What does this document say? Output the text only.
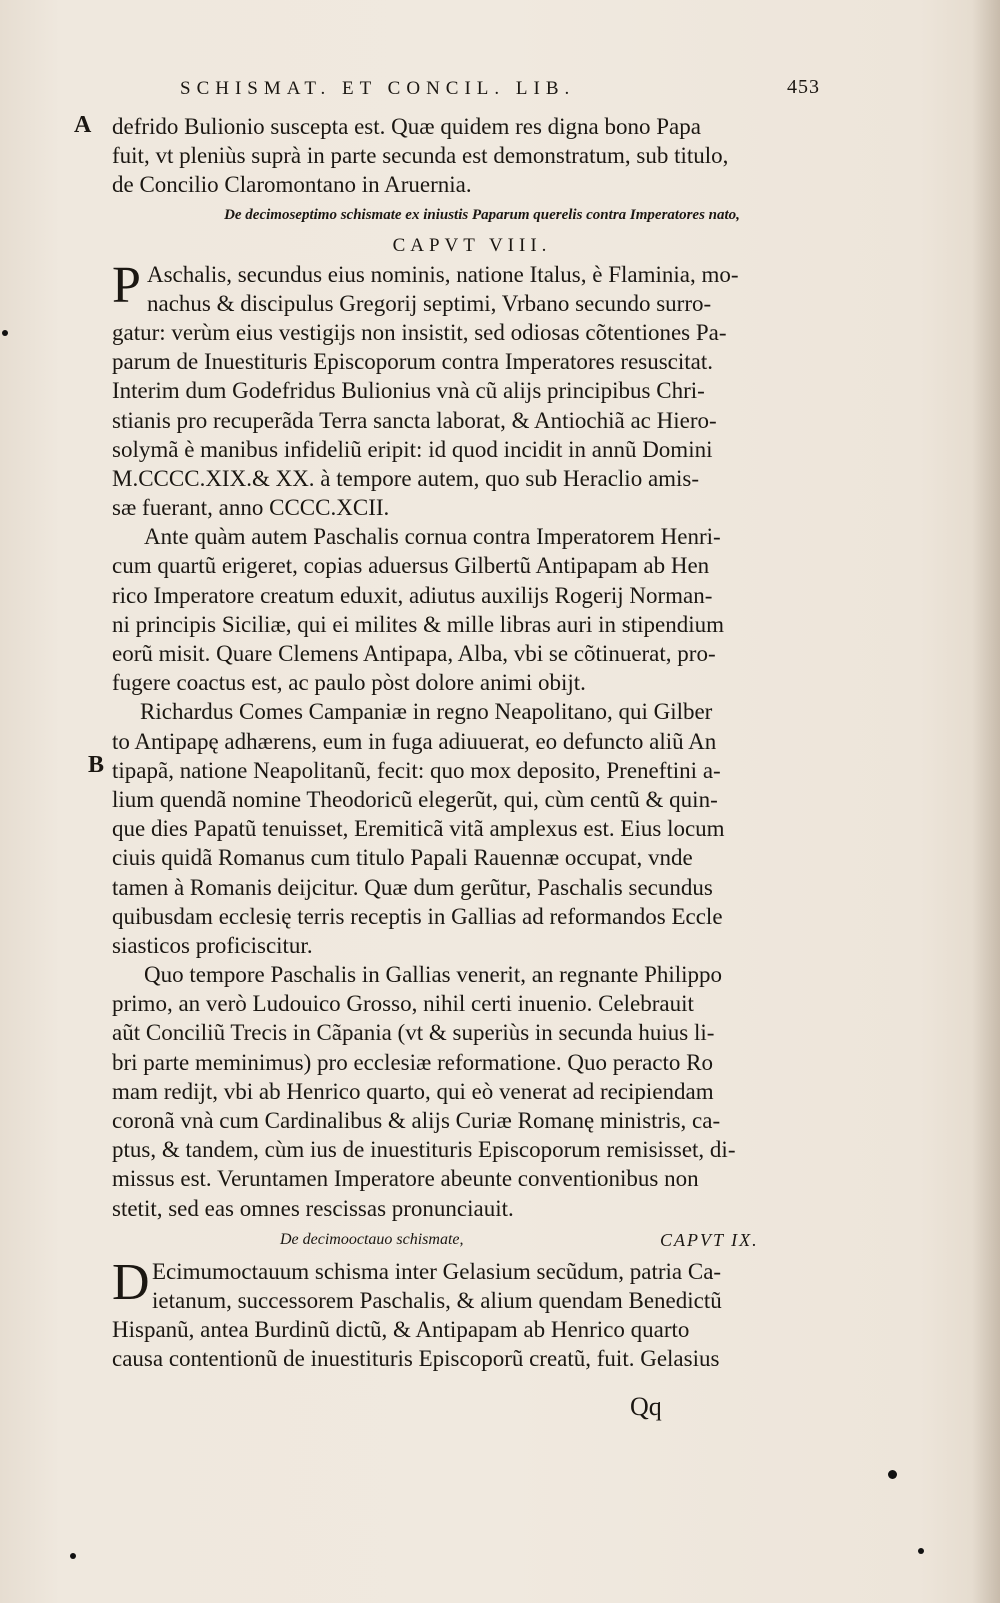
SCHISMAT. ET CONCIL. LIB.	453
A
B
defrido Bulionio suscepta est. Quæ quidem res digna bono Papa
fuit, vt pleniùs suprà in parte secunda est demonstratum, sub titulo,
de Concilio Claromontano in Aruernia.
De decimoseptimo schismate ex iniustis Paparum querelis contra Imperatores nato,
CAPVT VIII.
P Aschalis, secundus eius nominis, natione Italus, è Flaminia, mo-
nachus & discipulus Gregorij septimi, Vrbano secundo surro-
gatur: verùm eius vestigijs non insistit, sed odiosas cõtentiones Pa-
parum de Inuestituris Episcoporum contra Imperatores resuscitat.
Interim dum Godefridus Bulionius vnà cũ alijs principibus Chri-
stianis pro recuperãda Terra sancta laborat, & Antiochiã ac Hiero-
solymã è manibus infideliũ eripit: id quod incidit in annũ Domini
M.CCCC.XIX.& XX. à tempore autem, quo sub Heraclio amis-
sæ fuerant, anno CCCC.XCII.
Ante quàm autem Paschalis cornua contra Imperatorem Henri-
cum quartũ erigeret, copias aduersus Gilbertũ Antipapam ab Hen
rico Imperatore creatum eduxit, adiutus auxilijs Rogerij Norman-
ni principis Siciliæ, qui ei milites & mille libras auri in stipendium
eorũ misit. Quare Clemens Antipapa, Alba, vbi se cõtinuerat, pro-
fugere coactus est, ac paulo pòst dolore animi obijt.
Richardus Comes Campaniæ in regno Neapolitano, qui Gilber
to Antipapę adhærens, eum in fuga adiuuerat, eo defuncto aliũ An
tipapã, natione Neapolitanũ, fecit: quo mox deposito, Preneftini a-
lium quendã nomine Theodoricũ elegerũt, qui, cùm centũ & quin-
que dies Papatũ tenuisset, Eremiticã vitã amplexus est. Eius locum
ciuis quidã Romanus cum titulo Papali Rauennæ occupat, vnde
tamen à Romanis deijcitur. Quæ dum gerũtur, Paschalis secundus
quibusdam ecclesię terris receptis in Gallias ad reformandos Eccle
siasticos proficiscitur.
Quo tempore Paschalis in Gallias venerit, an regnante Philippo
primo, an verò Ludouico Grosso, nihil certi inuenio. Celebrauit
aũt Conciliũ Trecis in Cãpania (vt & superiùs in secunda huius li-
bri parte meminimus) pro ecclesiæ reformatione. Quo peracto Ro
mam redijt, vbi ab Henrico quarto, qui eò venerat ad recipiendam
coronã vnà cum Cardinalibus & alijs Curiæ Romanę ministris, ca-
ptus, & tandem, cùm ius de inuestituris Episcoporum remisisset, di-
missus est. Veruntamen Imperatore abeunte conventionibus non
stetit, sed eas omnes rescissas pronunciauit.
De decimooctauo schismate,	CAPVT IX.
D Ecimumoctauum schisma inter Gelasium secũdum, patria Ca-
ietanum, successorem Paschalis, & alium quendam Benedictũ
Hispanũ, antea Burdinũ dictũ, & Antipapam ab Henrico quarto
causa contentionũ de inuestituris Episcoporũ creatũ, fuit. Gelasius
Qq
